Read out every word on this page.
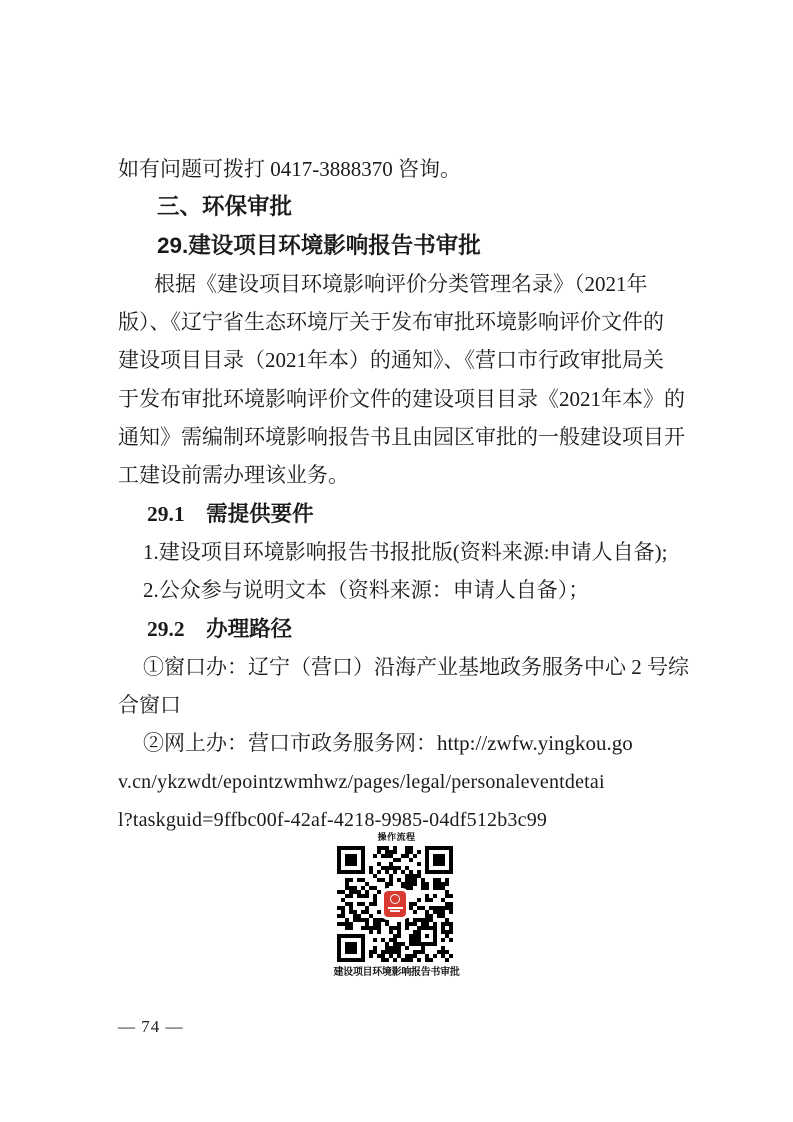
如有问题可拨打 0417-3888370 咨询。
三、环保审批
29.建设项目环境影响报告书审批
根据《建设项目环境影响评价分类管理名录》（2021年
版）、《辽宁省生态环境厅关于发布审批环境影响评价文件的
建设项目目录（2021年本）的通知》、《营口市行政审批局关
于发布审批环境影响评价文件的建设项目目录《2021年本》的
通知》需编制环境影响报告书且由园区审批的一般建设项目开
工建设前需办理该业务。
29.1　需提供要件
1.建设项目环境影响报告书报批版(资料来源:申请人自备);
2.公众参与说明文本（资料来源：申请人自备）；
29.2　办理路径
①窗口办：辽宁（营口）沿海产业基地政务服务中心 2 号综
合窗口
②网上办：营口市政务服务网：http://zwfw.yingkou.go
v.cn/ykzwdt/epointzwmhwz/pages/legal/personaleventdetai
l?taskguid=9ffbc00f-42af-4218-9985-04df512b3c99
操作流程
建设项目环境影响报告书审批
— 74 —
